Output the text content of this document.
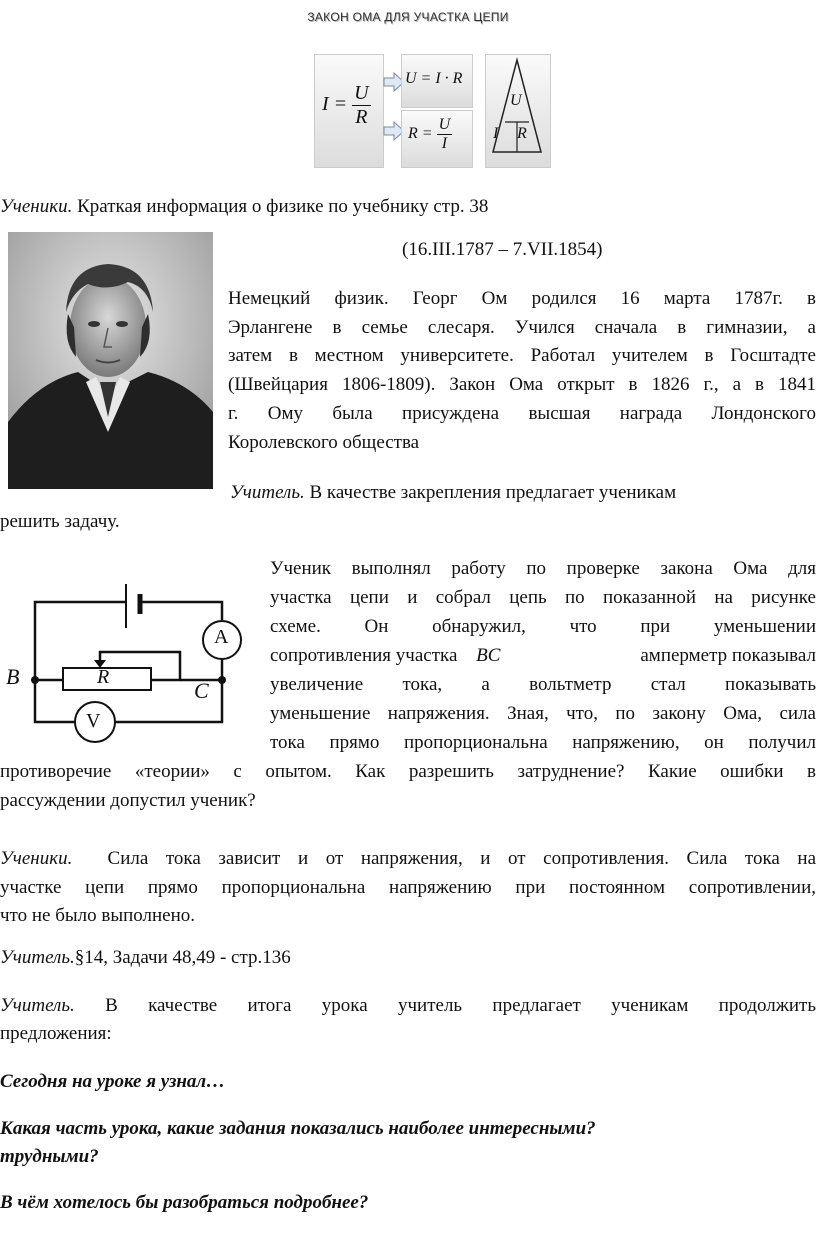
ЗАКОН ОМА ДЛЯ УЧАСТКА ЦЕПИ
$I = \frac{U}{R}$
U = I · R
$R = \frac{U}{I}$
U
I R
Ученики. Краткая информация о физике по учебнику стр. 38
(16.III.1787 – 7.VII.1854)
Немецкий физик. Георг Ом родился 16 марта 1787г. в
Эрлангене в семье слесаря. Учился сначала в гимназии, а
затем в местном университете. Работал учителем в Госштадте
(Швейцария 1806-1809). Закон Ома открыт в 1826 г., а в 1841
г. Ому была присуждена высшая награда Лондонского
Королевского общества
Учитель. В качестве закрепления предлагает ученикам
решить задачу.
B
C
R
A
V
Ученик выполнял работу по проверке закона Ома для
участка цепи и собрал цепь по показанной на рисунке
схеме. Он обнаружил, что при уменьшении
сопротивления участка BC	амперметр показывал
увеличение тока, а вольтметр стал показывать
уменьшение напряжения. Зная, что, по закону Ома, сила
тока прямо пропорциональна напряжению, он получил
противоречие «теории» с опытом. Как разрешить затруднение? Какие ошибки в
рассуждении допустил ученик?
Ученики. Сила тока зависит и от напряжения, и от сопротивления. Сила тока на
участке цепи прямо пропорциональна напряжению при постоянном сопротивлении,
что не было выполнено.
Учитель.§14, Задачи 48,49 - стр.136
Учитель. В качестве итога урока учитель предлагает ученикам продолжить
предложения:
Сегодня на уроке я узнал…
Какая часть урока, какие задания показались наиболее интересными?
трудными?
В чём хотелось бы разобраться подробнее?
